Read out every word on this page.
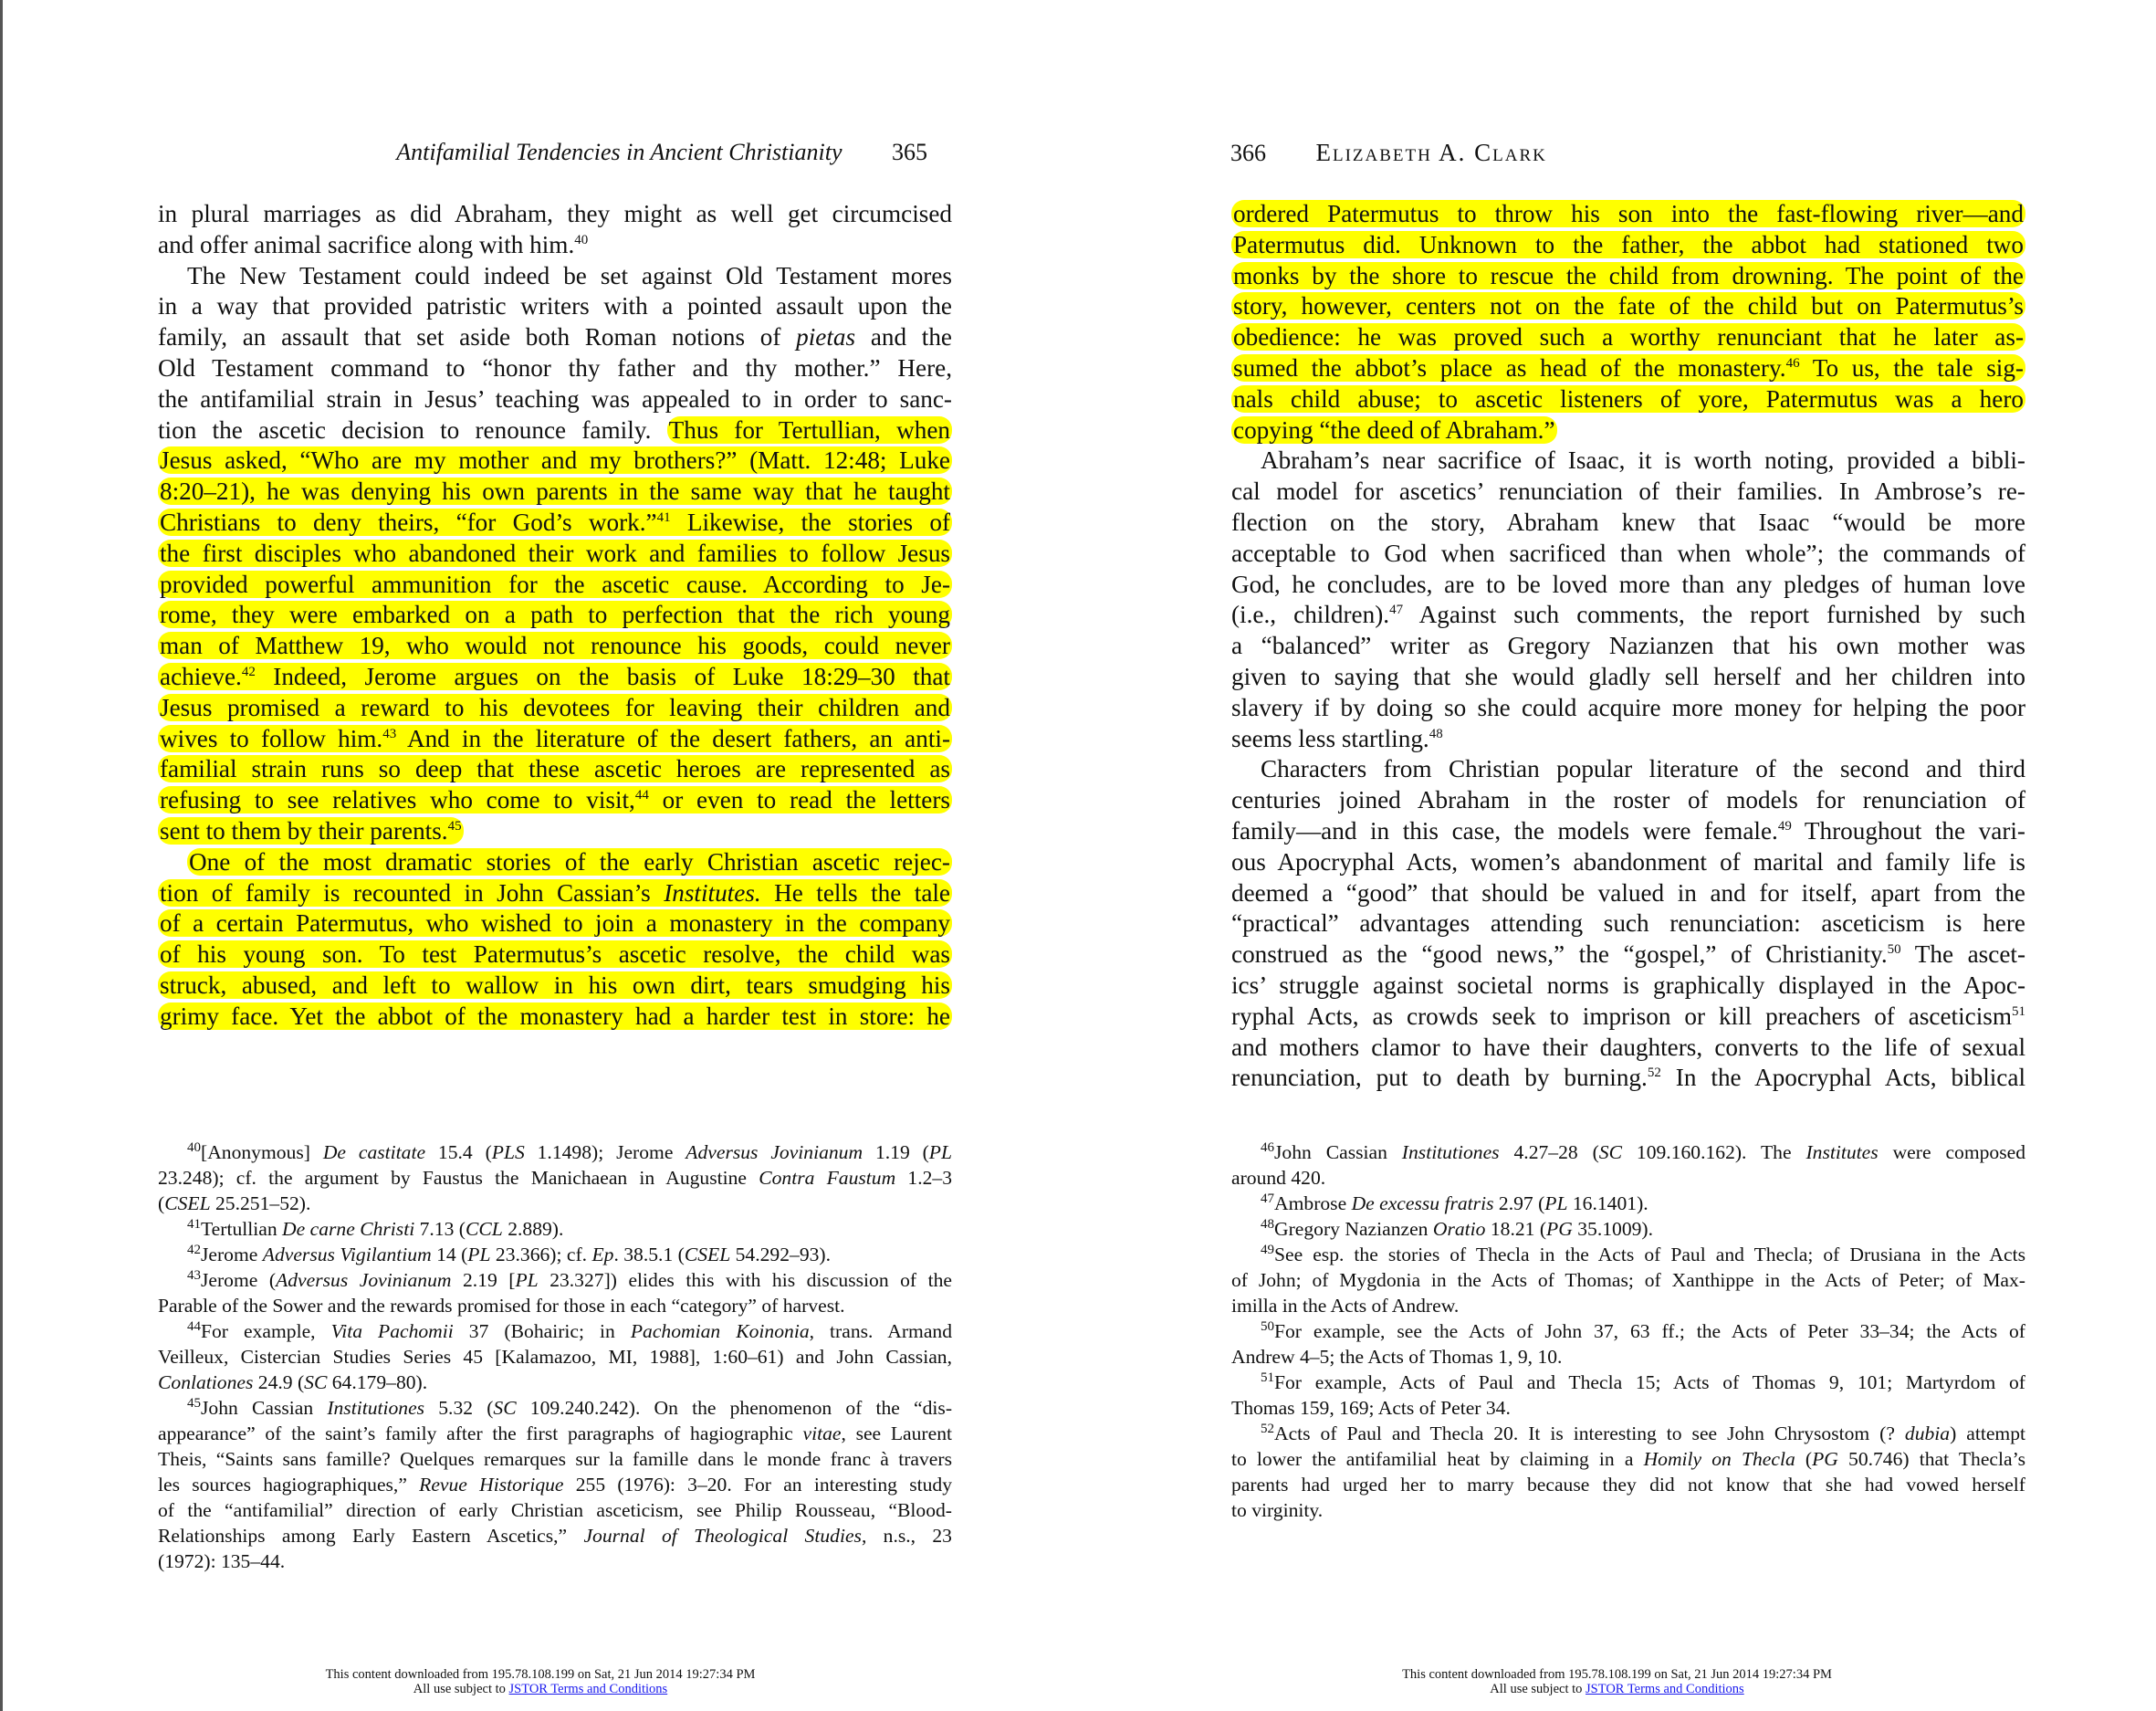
Antifamilial Tendencies in Ancient Christianity 365
in plural marriages as did Abraham, they might as well get circumcised
and offer animal sacrifice along with him.$^{40}$
The New Testament could indeed be set against Old Testament mores
in a way that provided patristic writers with a pointed assault upon the
family, an assault that set aside both Roman notions of pietas and the
Old Testament command to “honor thy father and thy mother.” Here,
the antifamilial strain in Jesus’ teaching was appealed to in order to sanc-
tion the ascetic decision to renounce family. Thus for Tertullian, when
Jesus asked, “Who are my mother and my brothers?” (Matt. 12:48; Luke
8:20–21), he was denying his own parents in the same way that he taught
Christians to deny theirs, “for God’s work.”$^{41}$ Likewise, the stories of
the first disciples who abandoned their work and families to follow Jesus
provided powerful ammunition for the ascetic cause. According to Je-
rome, they were embarked on a path to perfection that the rich young
man of Matthew 19, who would not renounce his goods, could never
achieve.$^{42}$ Indeed, Jerome argues on the basis of Luke 18:29–30 that
Jesus promised a reward to his devotees for leaving their children and
wives to follow him.$^{43}$ And in the literature of the desert fathers, an anti-
familial strain runs so deep that these ascetic heroes are represented as
refusing to see relatives who come to visit,$^{44}$ or even to read the letters
sent to them by their parents.$^{45}$
One of the most dramatic stories of the early Christian ascetic rejec-
tion of family is recounted in John Cassian’s Institutes. He tells the tale
of a certain Patermutus, who wished to join a monastery in the company
of his young son. To test Patermutus’s ascetic resolve, the child was
struck, abused, and left to wallow in his own dirt, tears smudging his
grimy face. Yet the abbot of the monastery had a harder test in store: he
$^{40}$[Anonymous] De castitate 15.4 (PLS 1.1498); Jerome Adversus Jovinianum 1.19 (PL
23.248); cf. the argument by Faustus the Manichaean in Augustine Contra Faustum 1.2–3
(CSEL 25.251–52).
$^{41}$Tertullian De carne Christi 7.13 (CCL 2.889).
$^{42}$Jerome Adversus Vigilantium 14 (PL 23.366); cf. Ep. 38.5.1 (CSEL 54.292–93).
$^{43}$Jerome (Adversus Jovinianum 2.19 [PL 23.327]) elides this with his discussion of the
Parable of the Sower and the rewards promised for those in each “category” of harvest.
$^{44}$For example, Vita Pachomii 37 (Bohairic; in Pachomian Koinonia, trans. Armand
Veilleux, Cistercian Studies Series 45 [Kalamazoo, MI, 1988], 1:60–61) and John Cassian,
Conlationes 24.9 (SC 64.179–80).
$^{45}$John Cassian Institutiones 5.32 (SC 109.240.242). On the phenomenon of the “dis-
appearance” of the saint’s family after the first paragraphs of hagiographic vitae, see Laurent
Theis, “Saints sans famille? Quelques remarques sur la famille dans le monde franc à travers
les sources hagiographiques,” Revue Historique 255 (1976): 3–20. For an interesting study
of the “antifamilial” direction of early Christian asceticism, see Philip Rousseau, “Blood-
Relationships among Early Eastern Ascetics,” Journal of Theological Studies, n.s., 23
(1972): 135–44.
This content downloaded from 195.78.108.199 on Sat, 21 Jun 2014 19:27:34 PM
All use subject to JSTOR Terms and Conditions
366 Elizabeth A. Clark
ordered Patermutus to throw his son into the fast-flowing river—and
Patermutus did. Unknown to the father, the abbot had stationed two
monks by the shore to rescue the child from drowning. The point of the
story, however, centers not on the fate of the child but on Patermutus’s
obedience: he was proved such a worthy renunciant that he later as-
sumed the abbot’s place as head of the monastery.$^{46}$ To us, the tale sig-
nals child abuse; to ascetic listeners of yore, Patermutus was a hero
copying “the deed of Abraham.”
Abraham’s near sacrifice of Isaac, it is worth noting, provided a bibli-
cal model for ascetics’ renunciation of their families. In Ambrose’s re-
flection on the story, Abraham knew that Isaac “would be more
acceptable to God when sacrificed than when whole”; the commands of
God, he concludes, are to be loved more than any pledges of human love
(i.e., children).$^{47}$ Against such comments, the report furnished by such
a “balanced” writer as Gregory Nazianzen that his own mother was
given to saying that she would gladly sell herself and her children into
slavery if by doing so she could acquire more money for helping the poor
seems less startling.$^{48}$
Characters from Christian popular literature of the second and third
centuries joined Abraham in the roster of models for renunciation of
family—and in this case, the models were female.$^{49}$ Throughout the vari-
ous Apocryphal Acts, women’s abandonment of marital and family life is
deemed a “good” that should be valued in and for itself, apart from the
“practical” advantages attending such renunciation: asceticism is here
construed as the “good news,” the “gospel,” of Christianity.$^{50}$ The ascet-
ics’ struggle against societal norms is graphically displayed in the Apoc-
ryphal Acts, as crowds seek to imprison or kill preachers of asceticism$^{51}$
and mothers clamor to have their daughters, converts to the life of sexual
renunciation, put to death by burning.$^{52}$ In the Apocryphal Acts, biblical
$^{46}$John Cassian Institutiones 4.27–28 (SC 109.160.162). The Institutes were composed
around 420.
$^{47}$Ambrose De excessu fratris 2.97 (PL 16.1401).
$^{48}$Gregory Nazianzen Oratio 18.21 (PG 35.1009).
$^{49}$See esp. the stories of Thecla in the Acts of Paul and Thecla; of Drusiana in the Acts
of John; of Mygdonia in the Acts of Thomas; of Xanthippe in the Acts of Peter; of Max-
imilla in the Acts of Andrew.
$^{50}$For example, see the Acts of John 37, 63 ff.; the Acts of Peter 33–34; the Acts of
Andrew 4–5; the Acts of Thomas 1, 9, 10.
$^{51}$For example, Acts of Paul and Thecla 15; Acts of Thomas 9, 101; Martyrdom of
Thomas 159, 169; Acts of Peter 34.
$^{52}$Acts of Paul and Thecla 20. It is interesting to see John Chrysostom (? dubia) attempt
to lower the antifamilial heat by claiming in a Homily on Thecla (PG 50.746) that Thecla’s
parents had urged her to marry because they did not know that she had vowed herself
to virginity.
This content downloaded from 195.78.108.199 on Sat, 21 Jun 2014 19:27:34 PM
All use subject to JSTOR Terms and Conditions
